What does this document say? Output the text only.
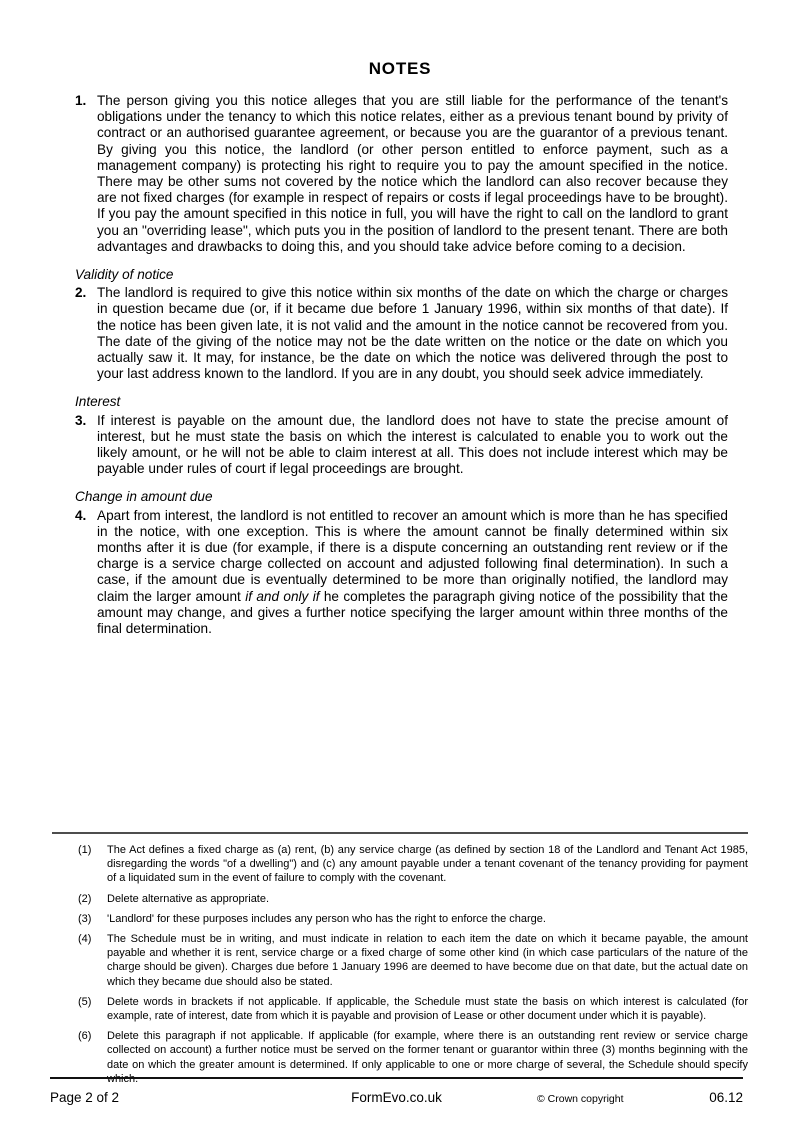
NOTES
1. The person giving you this notice alleges that you are still liable for the performance of the tenant's obligations under the tenancy to which this notice relates, either as a previous tenant bound by privity of contract or an authorised guarantee agreement, or because you are the guarantor of a previous tenant. By giving you this notice, the landlord (or other person entitled to enforce payment, such as a management company) is protecting his right to require you to pay the amount specified in the notice. There may be other sums not covered by the notice which the landlord can also recover because they are not fixed charges (for example in respect of repairs or costs if legal proceedings have to be brought). If you pay the amount specified in this notice in full, you will have the right to call on the landlord to grant you an "overriding lease", which puts you in the position of landlord to the present tenant. There are both advantages and drawbacks to doing this, and you should take advice before coming to a decision.

Validity of notice
2. The landlord is required to give this notice within six months of the date on which the charge or charges in question became due (or, if it became due before 1 January 1996, within six months of that date). If the notice has been given late, it is not valid and the amount in the notice cannot be recovered from you. The date of the giving of the notice may not be the date written on the notice or the date on which you actually saw it. It may, for instance, be the date on which the notice was delivered through the post to your last address known to the landlord. If you are in any doubt, you should seek advice immediately.

Interest
3. If interest is payable on the amount due, the landlord does not have to state the precise amount of interest, but he must state the basis on which the interest is calculated to enable you to work out the likely amount, or he will not be able to claim interest at all. This does not include interest which may be payable under rules of court if legal proceedings are brought.

Change in amount due
4. Apart from interest, the landlord is not entitled to recover an amount which is more than he has specified in the notice, with one exception. This is where the amount cannot be finally determined within six months after it is due (for example, if there is a dispute concerning an outstanding rent review or if the charge is a service charge collected on account and adjusted following final determination). In such a case, if the amount due is eventually determined to be more than originally notified, the landlord may claim the larger amount if and only if he completes the paragraph giving notice of the possibility that the amount may change, and gives a further notice specifying the larger amount within three months of the final determination.

(1)	The Act defines a fixed charge as (a) rent, (b) any service charge (as defined by section 18 of the Landlord and Tenant Act 1985, disregarding the words "of a dwelling") and (c) any amount payable under a tenant covenant of the tenancy providing for payment of a liquidated sum in the event of failure to comply with the covenant.

(2)	Delete alternative as appropriate.

(3)	'Landlord' for these purposes includes any person who has the right to enforce the charge.

(4)	The Schedule must be in writing, and must indicate in relation to each item the date on which it became payable, the amount payable and whether it is rent, service charge or a fixed charge of some other kind (in which case particulars of the nature of the charge should be given). Charges due before 1 January 1996 are deemed to have become due on that date, but the actual date on which they became due should also be stated.

(5)	Delete words in brackets if not applicable. If applicable, the Schedule must state the basis on which interest is calculated (for example, rate of interest, date from which it is payable and provision of Lease or other document under which it is payable).

(6)	Delete this paragraph if not applicable. If applicable (for example, where there is an outstanding rent review or service charge collected on account) a further notice must be served on the former tenant or guarantor within three (3) months beginning with the date on which the greater amount is determined. If only applicable to one or more charge of several, the Schedule should specify which.

Page 2 of 2	FormEvo.co.uk	© Crown copyright	06.12
